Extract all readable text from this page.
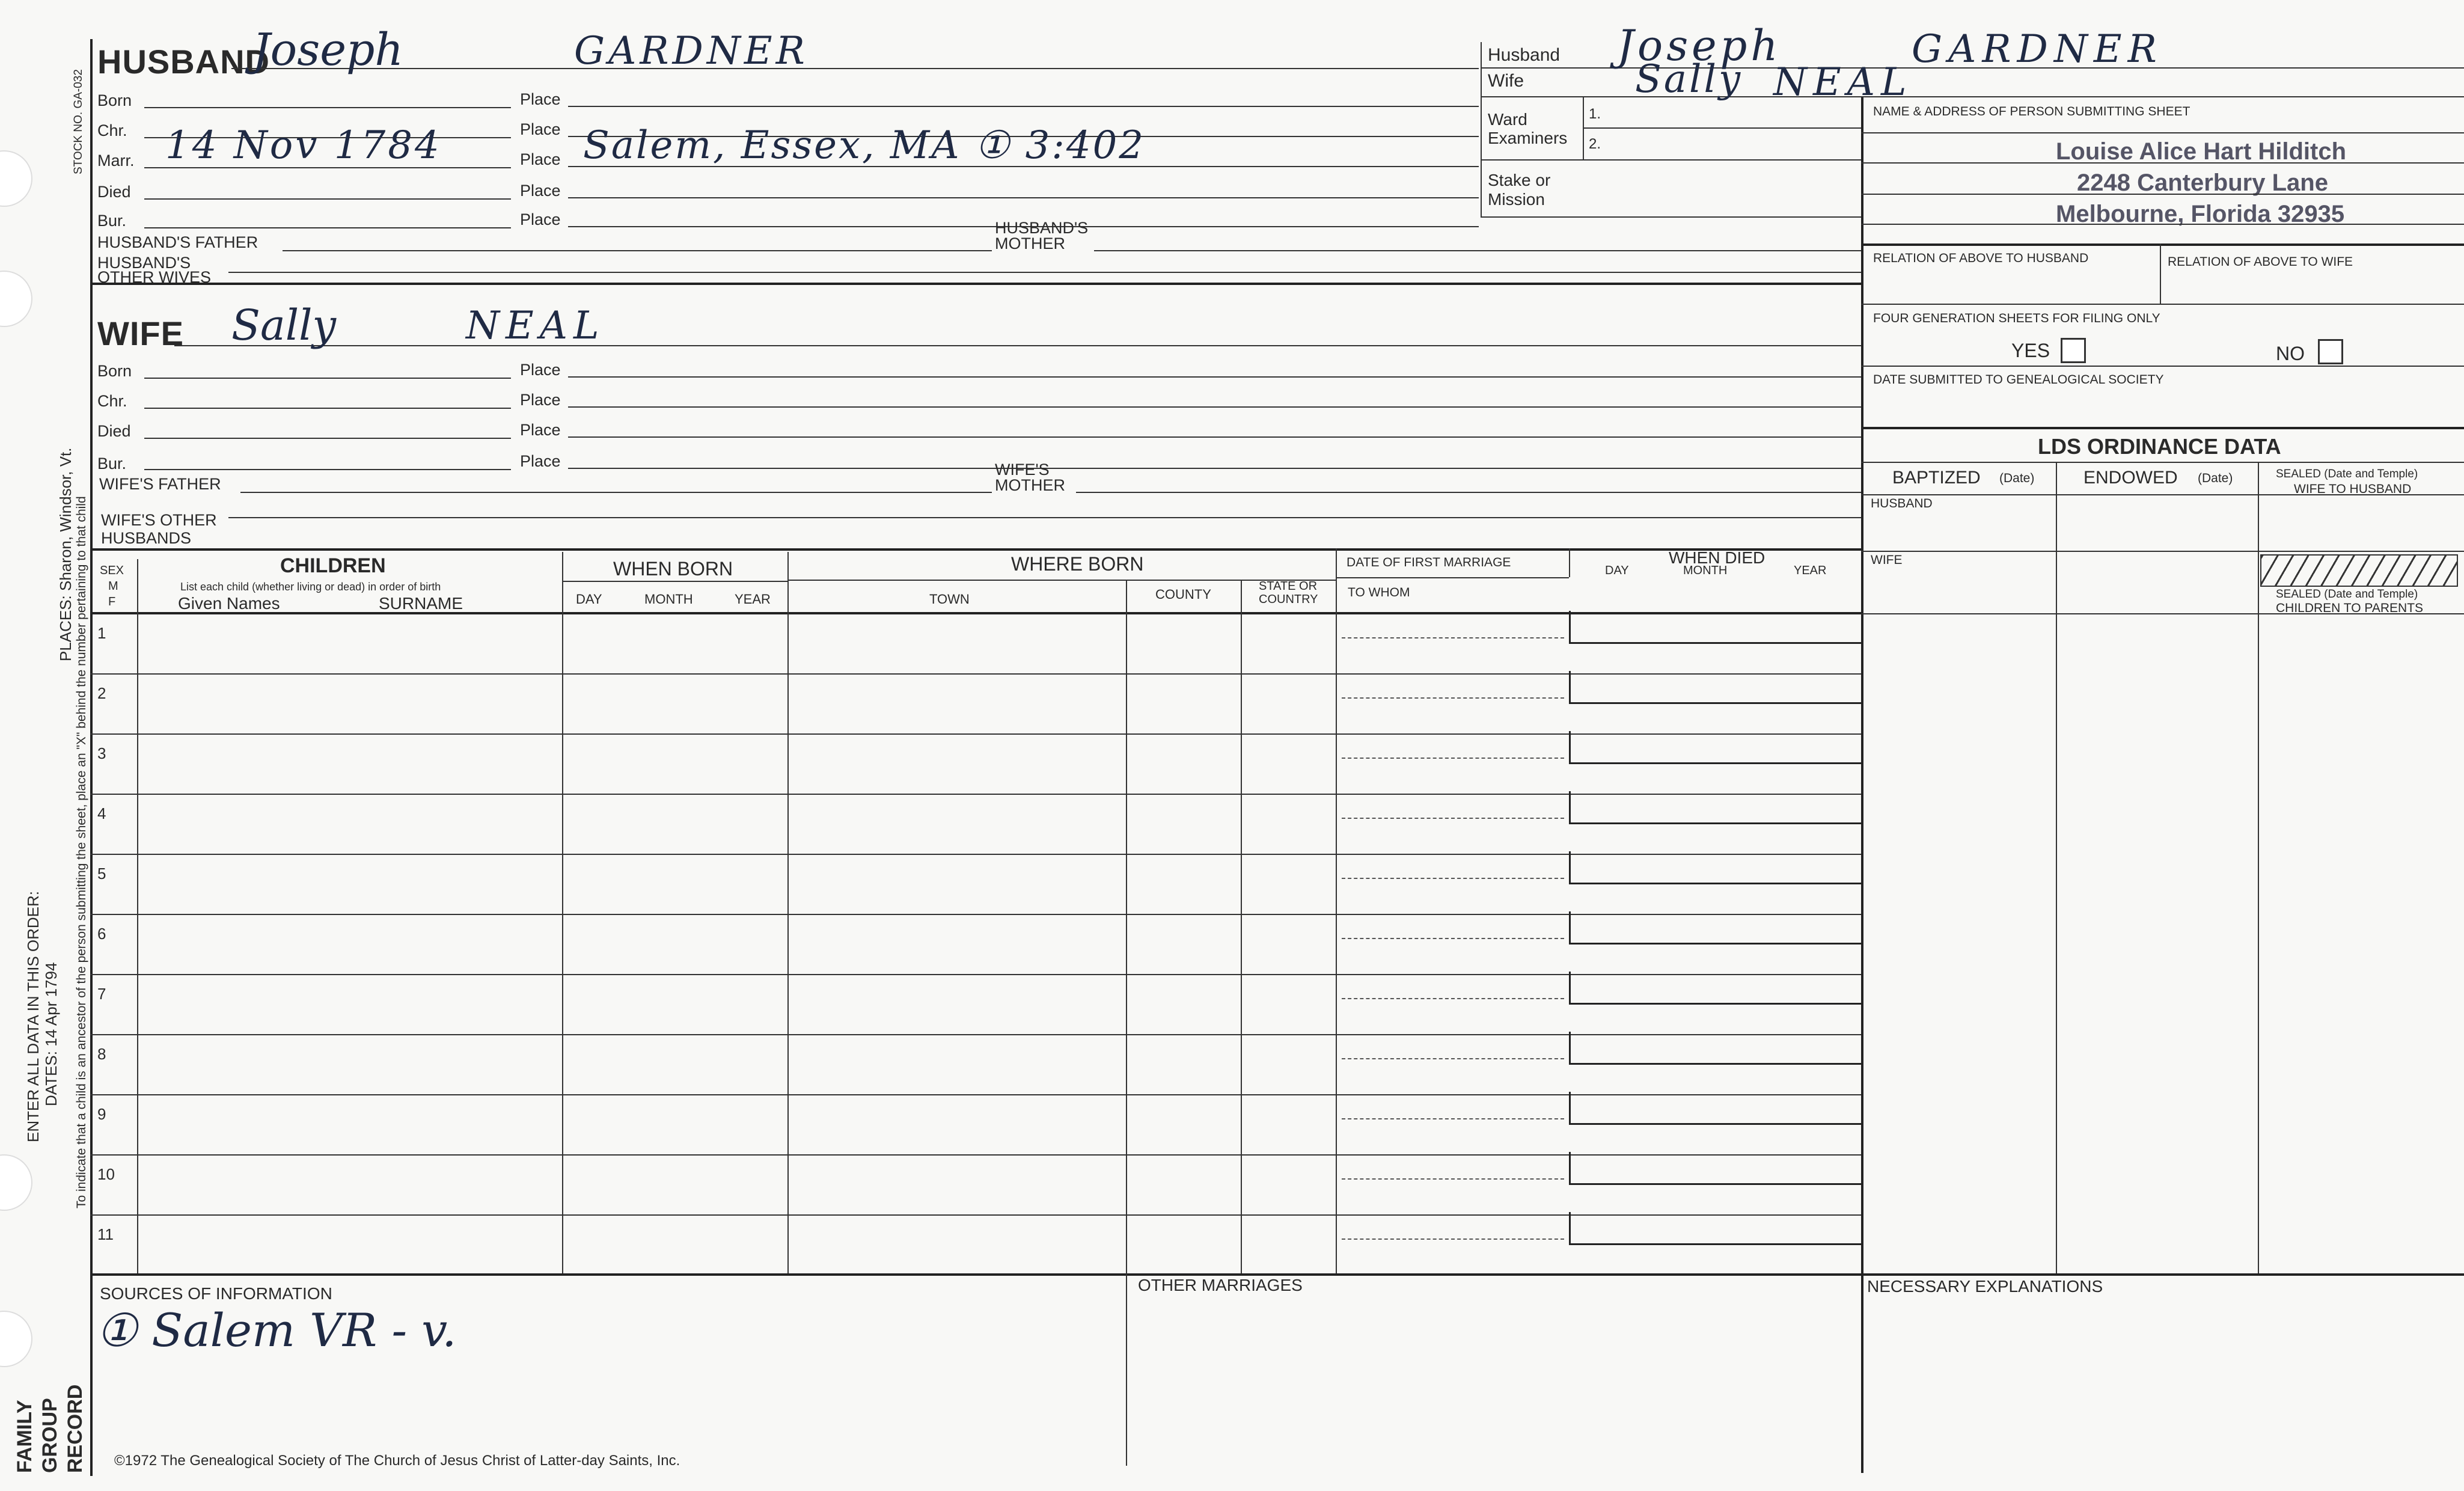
STOCK NO. GA-032
PLACES: Sharon, Windsor, Vt. To indicate that a child is an ancestor of the person submitting the sheet, place an "X" behind the number pertaining to that child
ENTER ALL DATA IN THIS ORDER: DATES: 14 Apr 1794
FAMILY GROUP RECORD
HUSBAND
Joseph	GARDNER
Born	Place
Chr.	Place
Marr. 14 Nov 1784	Place Salem, Essex, MA ① 3:402
Died	Place
Bur.	Place
HUSBAND'S FATHER
HUSBAND'S
MOTHER
HUSBAND'S
OTHER WIVES
Husband Joseph	GARDNER
Wife	Sally NEAL
Ward
Examiners
1.
2.
Stake or
Mission
NAME & ADDRESS OF PERSON SUBMITTING SHEET
Louise Alice Hart Hilditch
2248 Canterbury Lane
Melbourne, Florida 32935
RELATION OF ABOVE TO HUSBAND	RELATION OF ABOVE TO WIFE
FOUR GENERATION SHEETS FOR FILING ONLY
YES	NO
DATE SUBMITTED TO GENEALOGICAL SOCIETY
LDS ORDINANCE DATA
BAPTIZED (Date)	ENDOWED (Date)	SEALED (Date and Temple)
WIFE TO HUSBAND
HUSBAND
WIFE
SEALED (Date and Temple)
CHILDREN TO PARENTS
WIFE Sally	NEAL
Born	Place
Chr.	Place
Died	Place
Bur.	Place
WIFE'S FATHER
WIFE'S
MOTHER
WIFE'S OTHER
HUSBANDS
SEX
M
F
CHILDREN
List each child (whether living or dead) in order of birth
Given Names	SURNAME
WHEN BORN
DAY	MONTH	YEAR
WHERE BORN
TOWN	COUNTY
STATE OR
COUNTRY
DATE OF FIRST MARRIAGE
TO WHOM
WHEN DIED
DAY	MONTH	YEAR
1
2
3
4
5
6
7
8
9
10
11
SOURCES OF INFORMATION
① Salem VR - v.
OTHER MARRIAGES	NECESSARY EXPLANATIONS
©1972 The Genealogical Society of The Church of Jesus Christ of Latter-day Saints, Inc.
